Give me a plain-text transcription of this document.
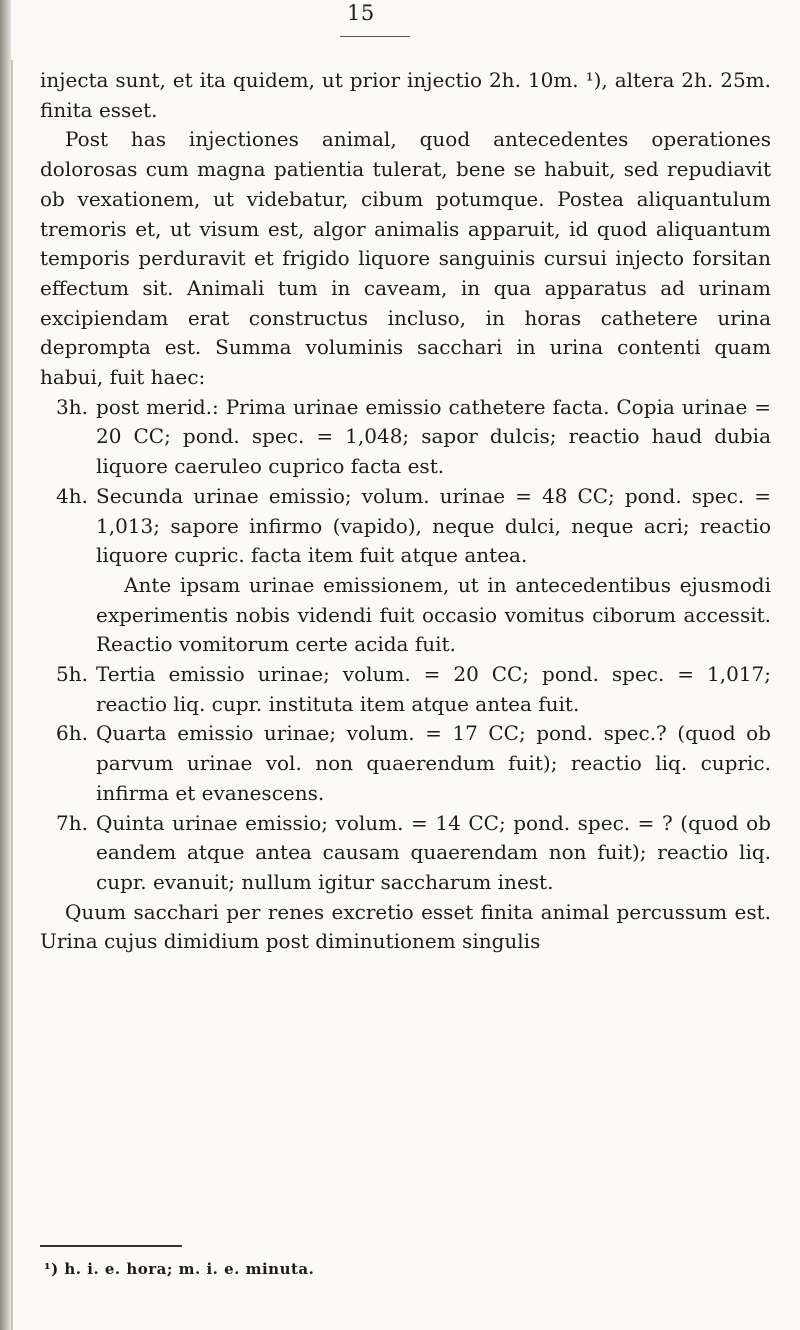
15

injecta sunt, et ita quidem, ut prior injectio 2h. 10m. ¹), altera 2h. 25m. finita esset.

Post has injectiones animal, quod antecedentes operationes dolorosas cum magna patientia tulerat, bene se habuit, sed repudiavit ob vexationem, ut videbatur, cibum potumque. Postea aliquantulum tremoris et, ut visum est, algor animalis apparuit, id quod aliquantum temporis perduravit et frigido liquore sanguinis cursui injecto forsitan effectum sit. Animali tum in caveam, in qua apparatus ad urinam excipiendam erat constructus incluso, in horas cathetere urina deprompta est. Summa voluminis sacchari in urina contenti quam habui, fuit haec:

3h. post merid.: Prima urinae emissio cathetere facta. Copia urinae = 20 CC; pond. spec. = 1,048; sapor dulcis; reactio haud dubia liquore caeruleo cuprico facta est.

4h. Secunda urinae emissio; volum. urinae = 48 CC; pond. spec. = 1,013; sapore infirmo (vapido), neque dulci, neque acri; reactio liquore cupric. facta item fuit atque antea.

Ante ipsam urinae emissionem, ut in antecedentibus ejusmodi experimentis nobis videndi fuit occasio vomitus ciborum accessit. Reactio vomitorum certe acida fuit.

5h. Tertia emissio urinae; volum. = 20 CC; pond. spec. = 1,017; reactio liq. cupr. instituta item atque antea fuit.

6h. Quarta emissio urinae; volum. = 17 CC; pond. spec.? (quod ob parvum urinae vol. non quaerendum fuit); reactio liq. cupric. infirma et evanescens.

7h. Quinta urinae emissio; volum. = 14 CC; pond. spec. = ? (quod ob eandem atque antea causam quaerendam non fuit); reactio liq. cupr. evanuit; nullum igitur saccharum inest.

Quum sacchari per renes excretio esset finita animal percussum est. Urina cujus dimidium post diminutionem singulis

¹) h. i. e. hora; m. i. e. minuta.
